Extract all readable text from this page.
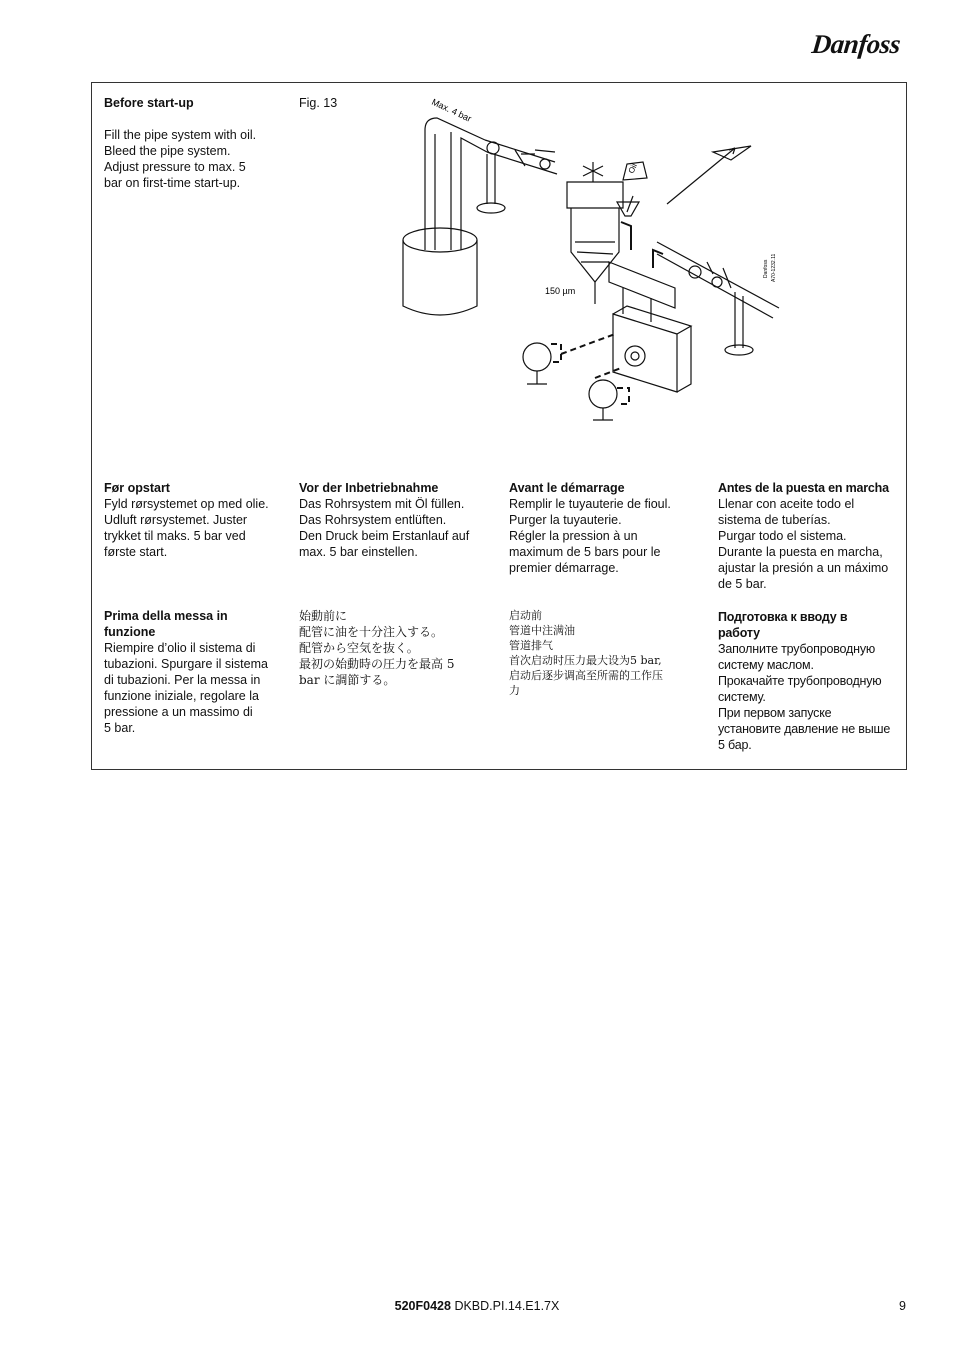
Danfoss
Before start-up
Fill the pipe system with oil.
Bleed the pipe system.
Adjust pressure to max. 5
bar on first-time start-up.
Fig. 13	Max. 4 bar
Oil
150 µm
Danfoss A70-1232.11
Før opstart
Fyld rørsystemet op med olie.
Udluft rørsystemet. Juster
trykket til maks. 5 bar ved
første start.
Vor der Inbetriebnahme
Das Rohrsystem mit Öl füllen.
Das Rohrsystem entlüften.
Den Druck beim Erstanlauf auf
max. 5 bar einstellen.
Avant le démarrage
Remplir le tuyauterie de fioul.
Purger la tuyauterie.
Régler la pression à un
maximum de 5 bars pour le
premier démarrage.
Antes de la puesta en marcha
Llenar con aceite todo el
sistema de tuberías.
Purgar todo el sistema.
Durante la puesta en marcha,
ajustar la presión a un máximo
de 5 bar.
Prima della messa in
funzione
Riempire d’olio il sistema di
tubazioni. Spurgare il sistema
di tubazioni. Per la messa in
funzione iniziale, regolare la
pressione a un massimo di
5 bar.
始動前に
配管に油を十分注入する。
配管から空気を抜く。
最初の始動時の圧力を最高 5
bar に調節する。
启动前
管道中注满油
管道排气
首次启动时压力最大设为5 bar,
启动后逐步调高至所需的工作压
力
Подготовка к вводу в
работу
Заполните трубопроводную
систему маслом.
Прокачайте трубопроводную
систему.
При первом запуске
установите давление не выше
5 бар.
520F0428 DKBD.PI.14.E1.7X	9
